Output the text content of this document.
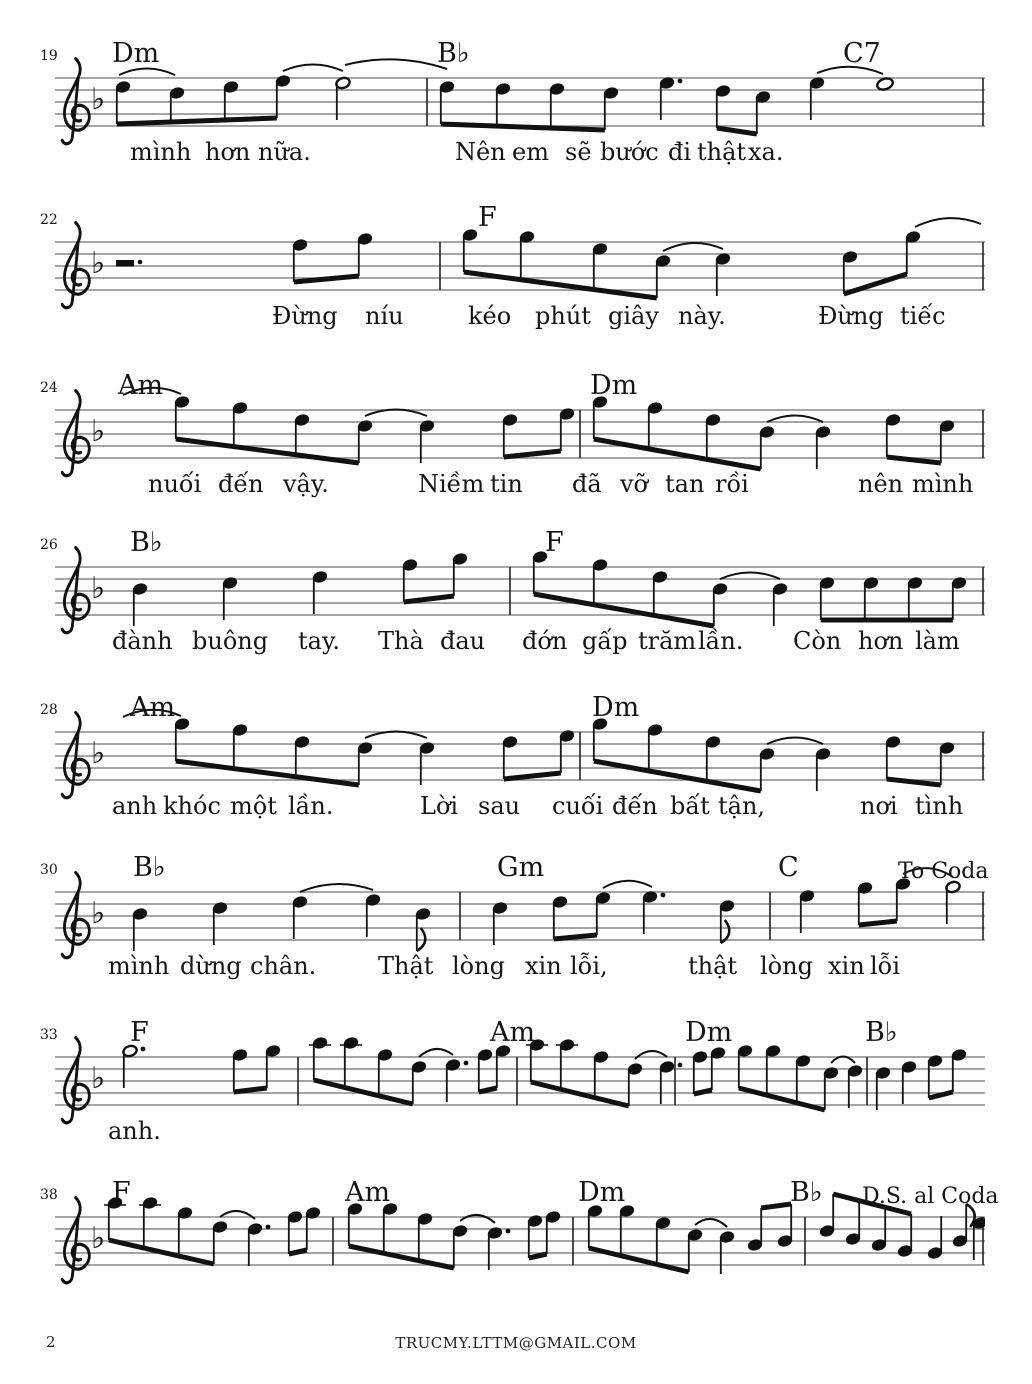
♭
19 Dm	B♭	C7
mình hơn nữa.	Nên em sẽ bước đi thật xa.
♭
22	F
Đừng níu	kéo phút giây này.	Đừng tiếc
♭
24 Am	Dm
nuối đến vậy.	Niềm tin đã vỡ tan rồi	nên mình
♭
26	B♭	F
đành buông tay. Thà đau đớn gấp trăm lần. Còn hơn làm
♭
28	Am	Dm
anh khóc một lần.	Lời sau cuối đến bất tận,	nơi tình
♭
30	B♭	Gm	C	To Coda
mình dừng chân.	Thật lòng xin lỗi,	thật lòng xin lỗi
♭
33	F	Am	Dm	B♭
anh.
♭
38 F	Am	Dm	B♭ D.S. al Coda
2	TRUCMY.LTTM@GMAIL.COM
